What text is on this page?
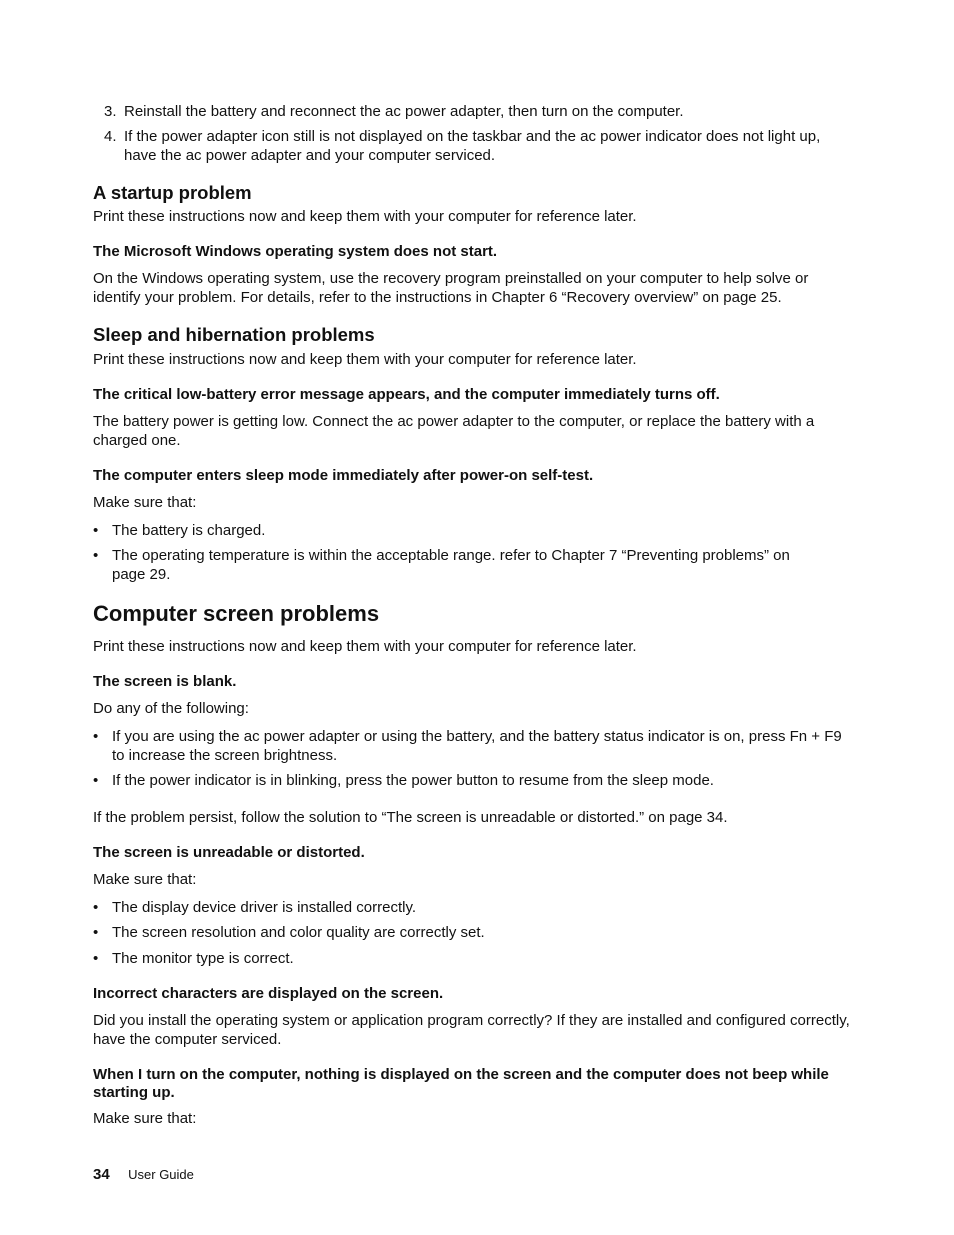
3. Reinstall the battery and reconnect the ac power adapter, then turn on the computer.

4. If the power adapter icon still is not displayed on the taskbar and the ac power indicator does not light up, have the ac power adapter and your computer serviced.

A startup problem

Print these instructions now and keep them with your computer for reference later.

The Microsoft Windows operating system does not start.

On the Windows operating system, use the recovery program preinstalled on your computer to help solve or identify your problem. For details, refer to the instructions in Chapter 6 “Recovery overview” on page 25.

Sleep and hibernation problems

Print these instructions now and keep them with your computer for reference later.

The critical low-battery error message appears, and the computer immediately turns off.

The battery power is getting low. Connect the ac power adapter to the computer, or replace the battery with a charged one.

The computer enters sleep mode immediately after power-on self-test.

Make sure that:

• The battery is charged.

• The operating temperature is within the acceptable range. refer to Chapter 7 “Preventing problems” on page 29.

Computer screen problems

Print these instructions now and keep them with your computer for reference later.

The screen is blank.

Do any of the following:

• If you are using the ac power adapter or using the battery, and the battery status indicator is on, press Fn + F9 to increase the screen brightness.

• If the power indicator is in blinking, press the power button to resume from the sleep mode.

If the problem persist, follow the solution to “The screen is unreadable or distorted.” on page 34.

The screen is unreadable or distorted.

Make sure that:

• The display device driver is installed correctly.

• The screen resolution and color quality are correctly set.

• The monitor type is correct.

Incorrect characters are displayed on the screen.

Did you install the operating system or application program correctly? If they are installed and configured correctly, have the computer serviced.

When I turn on the computer, nothing is displayed on the screen and the computer does not beep while starting up.

Make sure that:

34 User Guide
